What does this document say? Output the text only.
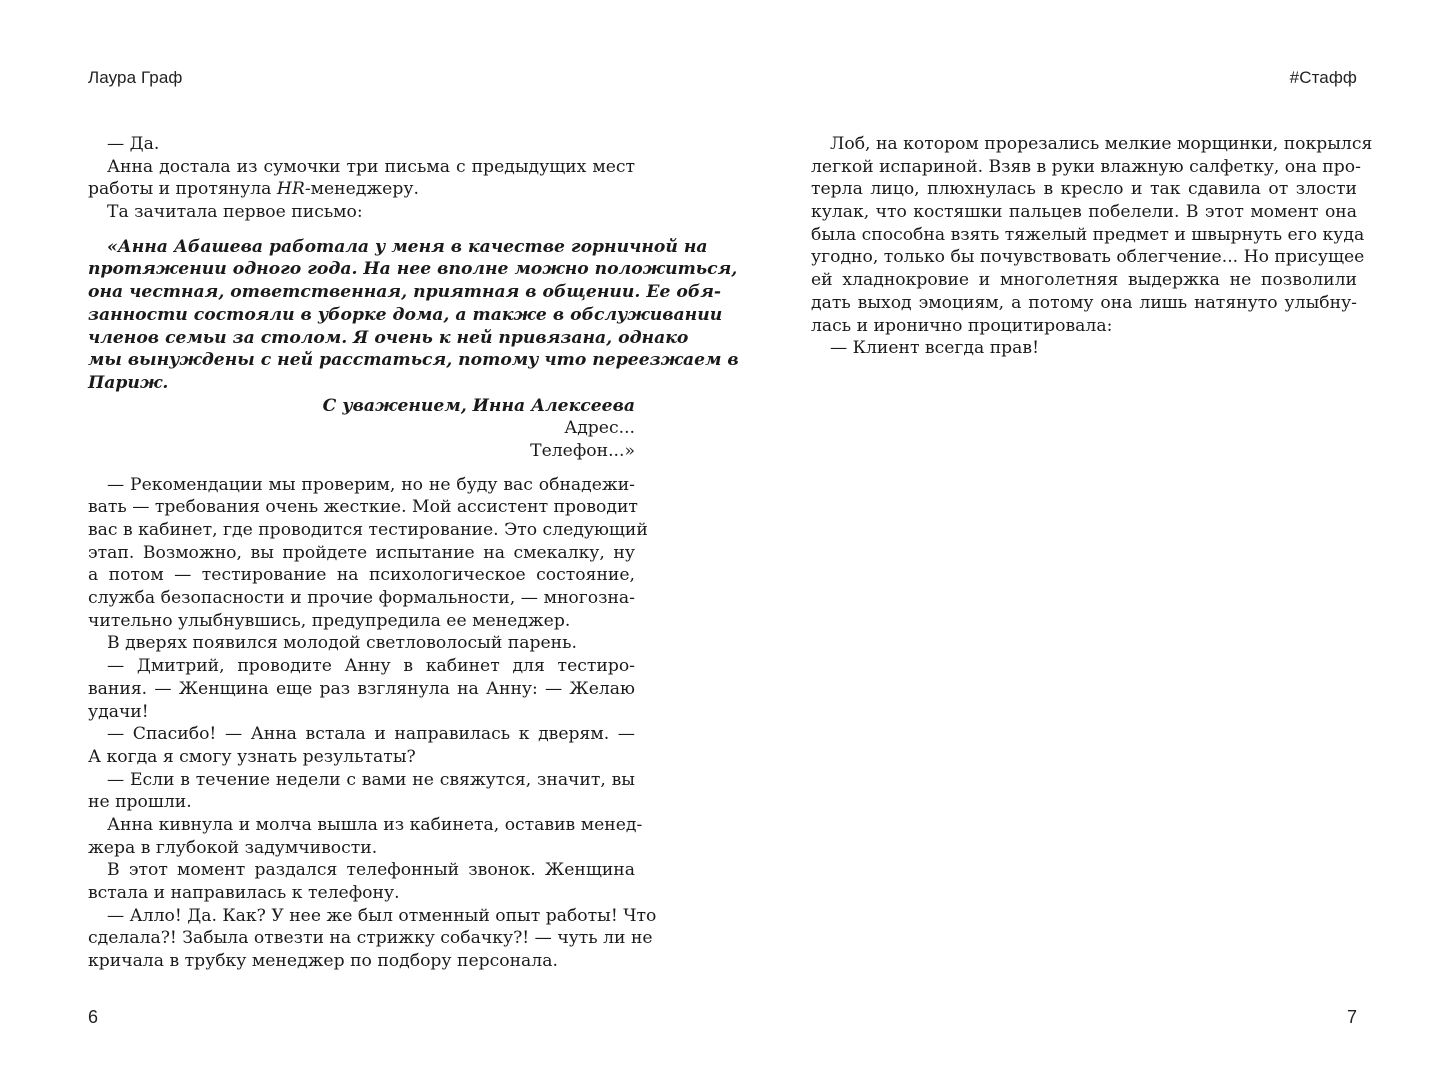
Лаура Граф
— Да.
Анна достала из сумочки три письма с предыдущих мест
работы и протянула HR-менеджеру.
Та зачитала первое письмо:
«Анна Абашева работала у меня в качестве горничной на
протяжении одного года. На нее вполне можно положиться,
она честная, ответственная, приятная в общении. Ее обя-
занности состояли в уборке дома, а также в обслуживании
членов семьи за столом. Я очень к ней привязана, однако
мы вынуждены с ней расстаться, потому что переезжаем в
Париж.
С уважением, Инна Алексеева
Адрес...
Телефон...»
— Рекомендации мы проверим, но не буду вас обнадежи-
вать — требования очень жесткие. Мой ассистент проводит
вас в кабинет, где проводится тестирование. Это следующий
этап. Возможно, вы пройдете испытание на смекалку, ну
а потом — тестирование на психологическое состояние,
служба безопасности и прочие формальности, — многозна-
чительно улыбнувшись, предупредила ее менеджер.
В дверях появился молодой светловолосый парень.
— Дмитрий, проводите Анну в кабинет для тестиро-
вания. — Женщина еще раз взглянула на Анну: — Желаю
удачи!
— Спасибо! — Анна встала и направилась к дверям. —
А когда я смогу узнать результаты?
— Если в течение недели с вами не свяжутся, значит, вы
не прошли.
Анна кивнула и молча вышла из кабинета, оставив менед-
жера в глубокой задумчивости.
В этот момент раздался телефонный звонок. Женщина
встала и направилась к телефону.
— Алло! Да. Как? У нее же был отменный опыт работы! Что
сделала?! Забыла отвезти на стрижку собачку?! — чуть ли не
кричала в трубку менеджер по подбору персонала.
6
#Стафф
Лоб, на котором прорезались мелкие морщинки, покрылся
легкой испариной. Взяв в руки влажную салфетку, она про-
терла лицо, плюхнулась в кресло и так сдавила от злости
кулак, что костяшки пальцев побелели. В этот момент она
была способна взять тяжелый предмет и швырнуть его куда
угодно, только бы почувствовать облегчение... Но присущее
ей хладнокровие и многолетняя выдержка не позволили
дать выход эмоциям, а потому она лишь натянуто улыбну-
лась и иронично процитировала:
— Клиент всегда прав!
7
